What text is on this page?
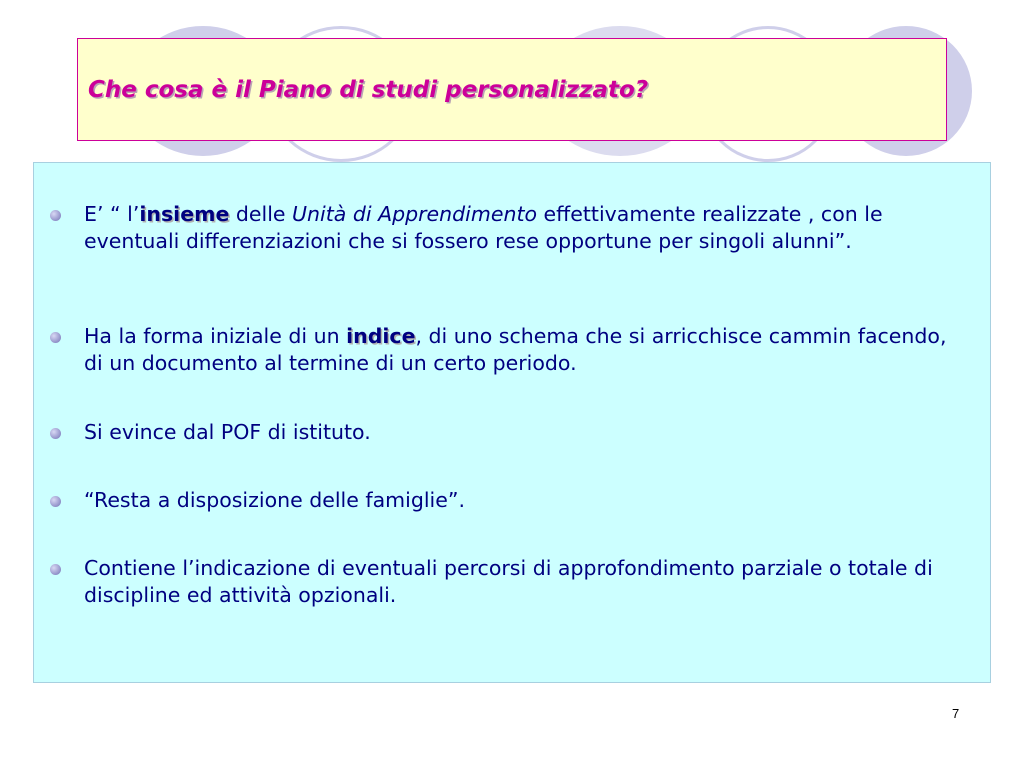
Che cosa è il Piano di studi personalizzato?
E’ “ l’insieme delle Unità di Apprendimento effettivamente realizzate , con le eventuali differenziazioni che si fossero rese opportune per singoli alunni”.
Ha la forma iniziale di un indice, di uno schema che si arricchisce cammin facendo, di un documento al termine di un certo periodo.
Si evince dal POF di istituto.
“Resta a disposizione delle famiglie”.
Contiene l’indicazione di eventuali percorsi di approfondimento parziale o totale di discipline ed attività opzionali.
7
